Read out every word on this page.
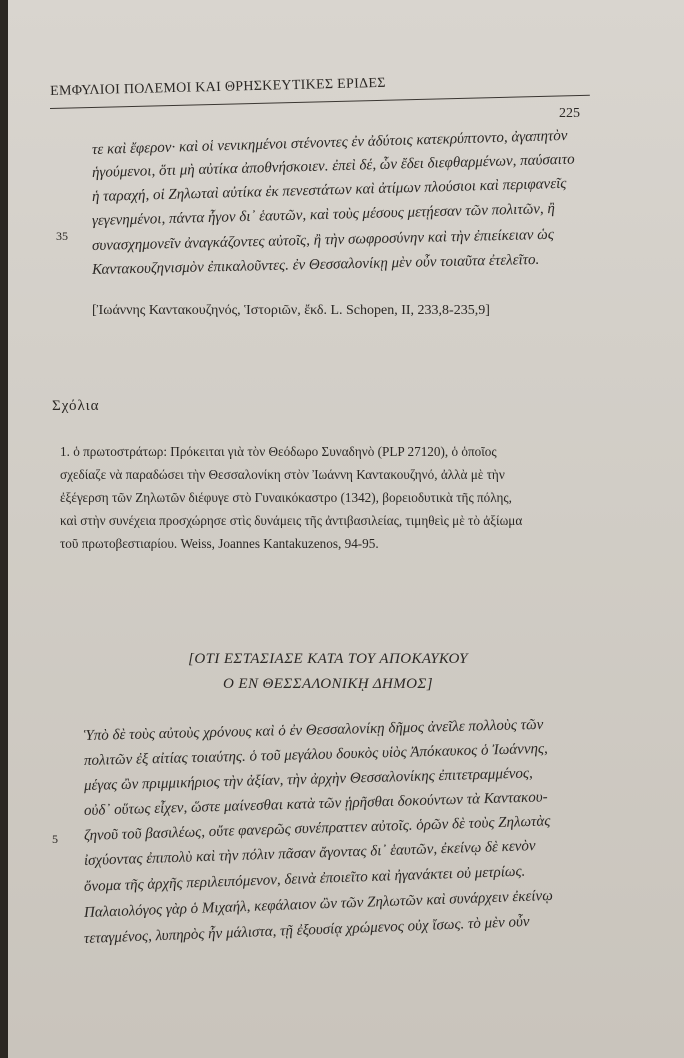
ΕΜΦΥΛΙΟΙ ΠΟΛΕΜΟΙ ΚΑΙ ΘΡΗΣΚΕΥΤΙΚΕΣ ΕΡΙΔΕΣ
225
τε καὶ ἔφερον· καὶ οἱ νενικημένοι στένοντες ἐν ἀδύτοις κατεκρύπτοντο, ἀγαπητὸν
ἡγούμενοι, ὅτι μὴ αὐτίκα ἀποθνήσκοιεν. ἐπεὶ δέ, ὧν ἔδει διεφθαρμένων, παύσαιτο
ἡ ταραχή, οἱ Ζηλωταὶ αὐτίκα ἐκ πενεστάτων καὶ ἀτίμων πλούσιοι καὶ περιφανεῖς
γεγενημένοι, πάντα ἦγον δι᾽ ἑαυτῶν, καὶ τοὺς μέσους μετῄεσαν τῶν πολιτῶν, ἢ
συνασχημονεῖν ἀναγκάζοντες αὐτοῖς, ἢ τὴν σωφροσύνην καὶ τὴν ἐπιείκειαν ὡς
Καντακουζηνισμὸν ἐπικαλοῦντες. ἐν Θεσσαλονίκῃ μὲν οὖν τοιαῦτα ἐτελεῖτο.
35
[Ἰωάννης Καντακουζηνός, Ἱστοριῶν, ἔκδ. L. Schopen, II, 233,8-235,9]
Σχόλια
1. ὁ πρωτοστράτωρ: Πρόκειται γιὰ τὸν Θεόδωρο Συναδηνὸ (PLP 27120), ὁ ὁποῖος
σχεδίαζε νὰ παραδώσει τὴν Θεσσαλονίκη στὸν Ἰωάννη Καντακουζηνό, ἀλλὰ μὲ τὴν
ἐξέγερση τῶν Ζηλωτῶν διέφυγε στὸ Γυναικόκαστρο (1342), βορειοδυτικὰ τῆς πόλης,
καὶ στὴν συνέχεια προσχώρησε στὶς δυνάμεις τῆς ἀντιβασιλείας, τιμηθεὶς μὲ τὸ ἀξίωμα
τοῦ πρωτοβεστιαρίου. Weiss, Joannes Kantakuzenos, 94-95.
[ΟΤΙ ΕΣΤΑΣΙΑΣΕ ΚΑΤΑ ΤΟΥ ΑΠΟΚΑΥΚΟΥ
Ο ΕΝ ΘΕΣΣΑΛΟΝΙΚῌ ΔΗΜΟΣ]
Ὑπὸ δὲ τοὺς αὐτοὺς χρόνους καὶ ὁ ἐν Θεσσαλονίκῃ δῆμος ἀνεῖλε πολλοὺς τῶν
πολιτῶν ἐξ αἰτίας τοιαύτης. ὁ τοῦ μεγάλου δουκὸς υἱὸς Ἀπόκαυκος ὁ Ἰωάννης,
μέγας ὢν πριμμικήριος τὴν ἀξίαν, τὴν ἀρχὴν Θεσσαλονίκης ἐπιτετραμμένος,
οὐδ᾽ οὕτως εἶχεν, ὥστε μαίνεσθαι κατὰ τῶν ᾑρῆσθαι δοκούντων τὰ Καντακου-
ζηνοῦ τοῦ βασιλέως, οὔτε φανερῶς συνέπραττεν αὐτοῖς. ὁρῶν δὲ τοὺς Ζηλωτὰς
ἰσχύοντας ἐπιπολὺ καὶ τὴν πόλιν πᾶσαν ἄγοντας δι᾽ ἑαυτῶν, ἐκείνῳ δὲ κενὸν
ὄνομα τῆς ἀρχῆς περιλειπόμενον, δεινὰ ἐποιεῖτο καὶ ἠγανάκτει οὐ μετρίως.
Παλαιολόγος γὰρ ὁ Μιχαήλ, κεφάλαιον ὢν τῶν Ζηλωτῶν καὶ συνάρχειν ἐκείνῳ
τεταγμένος, λυπηρὸς ἦν μάλιστα, τῇ ἐξουσίᾳ χρώμενος οὐχ ἴσως. τὸ μὲν οὖν
5
